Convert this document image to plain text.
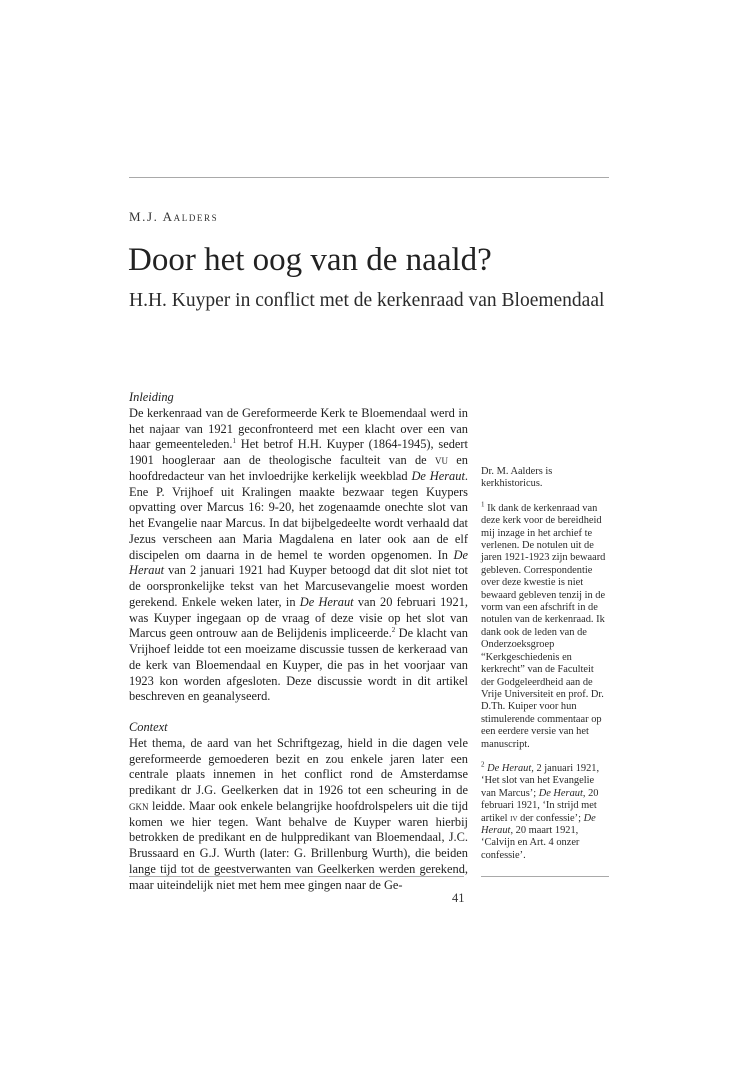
M.J. Aalders
Door het oog van de naald?
H.H. Kuyper in conflict met de kerkenraad van Bloemendaal

Inleiding

De kerkenraad van de Gereformeerde Kerk te Bloemendaal werd in het najaar van 1921 geconfronteerd met een klacht over een van haar gemeenteleden.$^1$ Het betrof H.H. Kuyper (1864-1945), sedert 1901 hoogleraar aan de theologische faculteit van de vu en hoofdredacteur van het invloedrijke kerkelijk weekblad De Heraut. Ene P. Vrijhoef uit Kralingen maakte bezwaar tegen Kuypers opvatting over Marcus 16: 9-20, het zogenaamde onechte slot van het Evangelie naar Marcus. In dat bijbelgedeelte wordt verhaald dat Jezus verscheen aan Maria Magdalena en later ook aan de elf discipelen om daarna in de hemel te worden opgenomen. In De Heraut van 2 januari 1921 had Kuyper betoogd dat dit slot niet tot de oorspronkelijke tekst van het Marcusevangelie moest worden gerekend. Enkele weken later, in De Heraut van 20 februari 1921, was Kuyper ingegaan op de vraag of deze visie op het slot van Marcus geen ontrouw aan de Belijdenis impliceerde.$^2$ De klacht van Vrijhoef leidde tot een moeizame discussie tussen de kerkeraad van de kerk van Bloemendaal en Kuyper, die pas in het voorjaar van 1923 kon worden afgesloten. Deze discussie wordt in dit artikel beschreven en geanalyseerd.

Context

Het thema, de aard van het Schriftgezag, hield in die dagen vele gereformeerde gemoederen bezit en zou enkele jaren later een centrale plaats innemen in het conflict rond de Amsterdamse predikant dr J.G. Geelkerken dat in 1926 tot een scheuring in de gkn leidde. Maar ook enkele belangrijke hoofdrolspelers uit die tijd komen we hier tegen. Want behalve de Kuyper waren hierbij betrokken de predikant en de hulppredikant van Bloemendaal, J.C. Brussaard en G.J. Wurth (later: G. Brillenburg Wurth), die beiden lange tijd tot de geestverwanten van Geelkerken werden gerekend, maar uiteindelijk niet met hem mee gingen naar de Ge-

Dr. M. Aalders is kerkhistoricus.

$^1$ Ik dank de kerkenraad van deze kerk voor de bereidheid mij inzage in het archief te verlenen. De notulen uit de jaren 1921-1923 zijn bewaard gebleven. Correspondentie over deze kwestie is niet bewaard gebleven tenzij in de vorm van een afschrift in de notulen van de kerkenraad. Ik dank ook de leden van de Onderzoeksgroep “Kerkgeschiedenis en kerkrecht” van de Faculteit der Godgeleerdheid aan de Vrije Universiteit en prof. Dr. D.Th. Kuiper voor hun stimulerende commentaar op een eerdere versie van het manuscript.

$^2$ De Heraut, 2 januari 1921, ‘Het slot van het Evangelie van Marcus’; De Heraut, 20 februari 1921, ‘In strijd met artikel iv der confessie’; De Heraut, 20 maart 1921, ‘Calvijn en Art. 4 onzer confessie’.

41
